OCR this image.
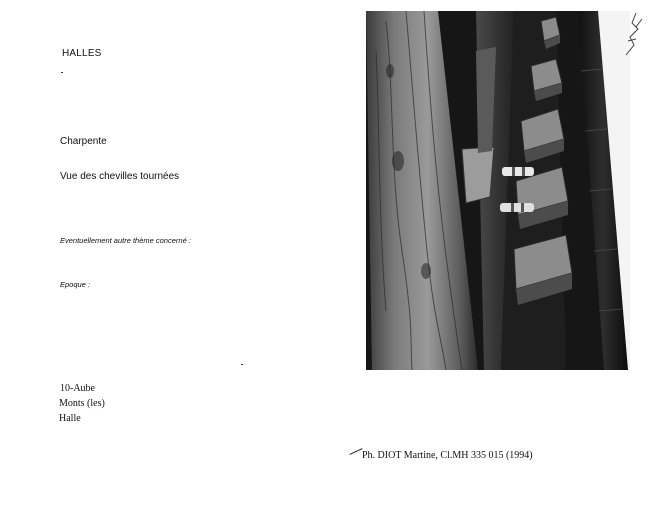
HALLES
Charpente
Vue des chevilles tournées
Eventuellement autre thème concerné :
Epoque :
10-Aube
Monts (les)
Halle
Ph. DIOT Martine, Cl.MH 335 015 (1994)
